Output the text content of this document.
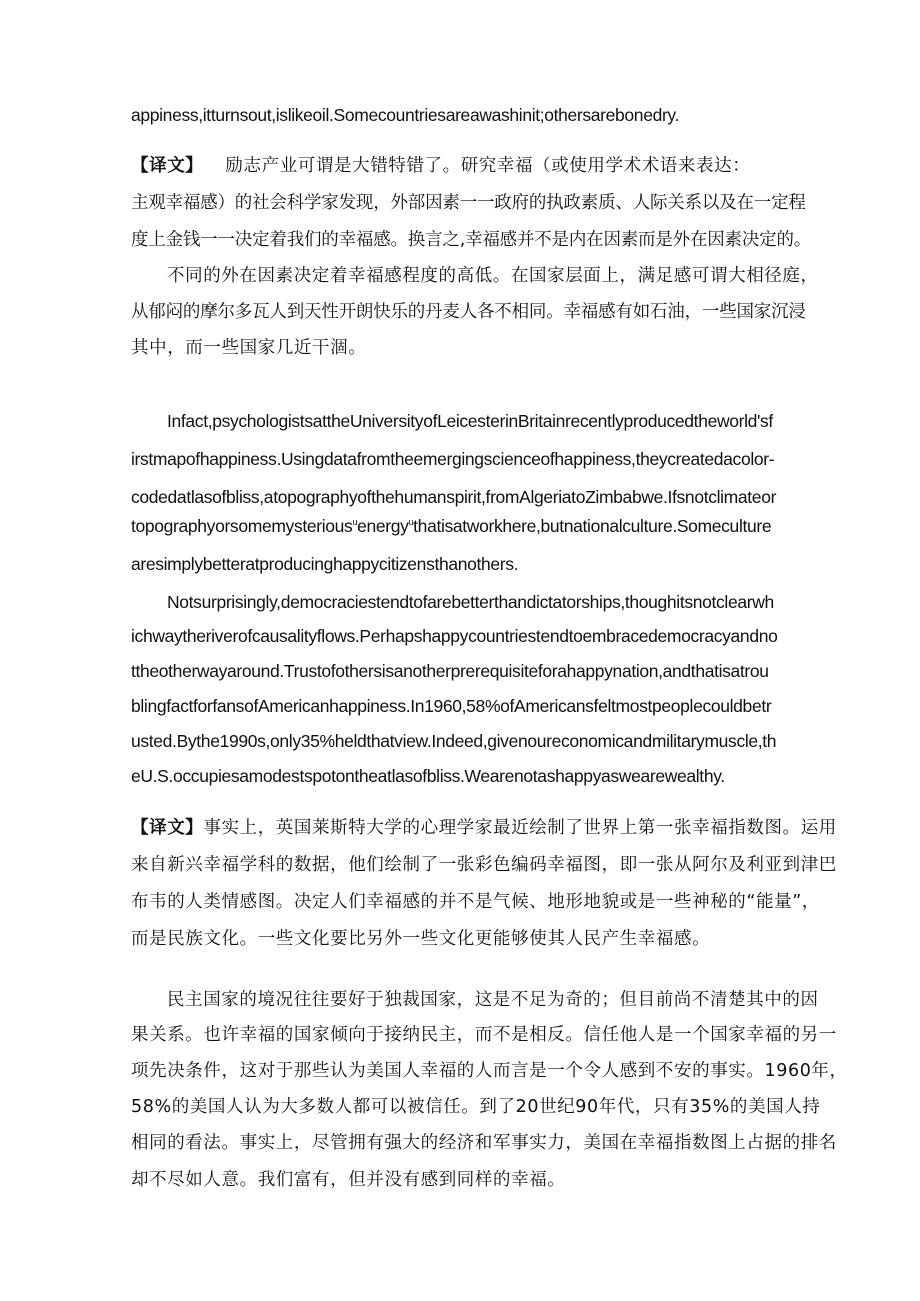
appiness,itturnsout,islikeoil.Somecountriesareawashinit;othersarebonedry.

【译文】 励志产业可谓是大错特错了。研究幸福（或使用学术术语来表达：

主观幸福感）的社会科学家发现，外部因素一一政府的执政素质、人际关系以及在一定程

度上金钱一一决定着我们的幸福感。换言之,幸福感并不是内在因素而是外在因素决定的。

不同的外在因素决定着幸福感程度的高低。在国家层面上，满足感可谓大相径庭，

从郁闷的摩尔多瓦人到天性开朗快乐的丹麦人各不相同。幸福感有如石油，一些国家沉浸

其中，而一些国家几近干涸。

Infact,psychologistsattheUniversityofLeicesterinBritainrecentlyproducedtheworld'sf

irstmapofhappiness.Usingdatafromtheemergingscienceofhappiness,theycreatedacolor-

codedatlasofbliss,atopographyofthehumanspirit,fromAlgeriatoZimbabwe.Ifsnotclimateor

topographyorsomemysterious$^u$energy$^u$thatisatworkhere,butnationalculture.Someculture

aresimplybetteratproducinghappycitizensthanothers.

Notsurprisingly,democraciestendtofarebetterthandictatorships,thoughitsnotclearwh

ichwaytheriverofcausalityflows.Perhapshappycountriestendtoembracedemocracyandno

ttheotherwayaround.Trustofothersisanotherprerequisiteforahappynation,andthatisatrou

blingfactforfansofAmericanhappiness.In1960,58%ofAmericansfeltmostpeoplecouldbetr

usted.Bythe1990s,only35%heldthatview.Indeed,givenoureconomicandmilitarymuscle,th

eU.S.occupiesamodestspotontheatlasofbliss.Wearenotashappyaswearewealthy.

【译文】事实上，英国莱斯特大学的心理学家最近绘制了世界上第一张幸福指数图。运用

来自新兴幸福学科的数据，他们绘制了一张彩色编码幸福图，即一张从阿尔及利亚到津巴

布韦的人类情感图。决定人们幸福感的并不是气候、地形地貌或是一些神秘的“能量”，

而是民族文化。一些文化要比另外一些文化更能够使其人民产生幸福感。

民主国家的境况往往要好于独裁国家，这是不足为奇的；但目前尚不清楚其中的因

果关系。也许幸福的国家倾向于接纳民主，而不是相反。信任他人是一个国家幸福的另一

项先决条件，这对于那些认为美国人幸福的人而言是一个令人感到不安的事实。1960年，

58%的美国人认为大多数人都可以被信任。到了20世纪90年代，只有35%的美国人持

相同的看法。事实上，尽管拥有强大的经济和军事实力，美国在幸福指数图上占据的排名

却不尽如人意。我们富有，但并没有感到同样的幸福。
